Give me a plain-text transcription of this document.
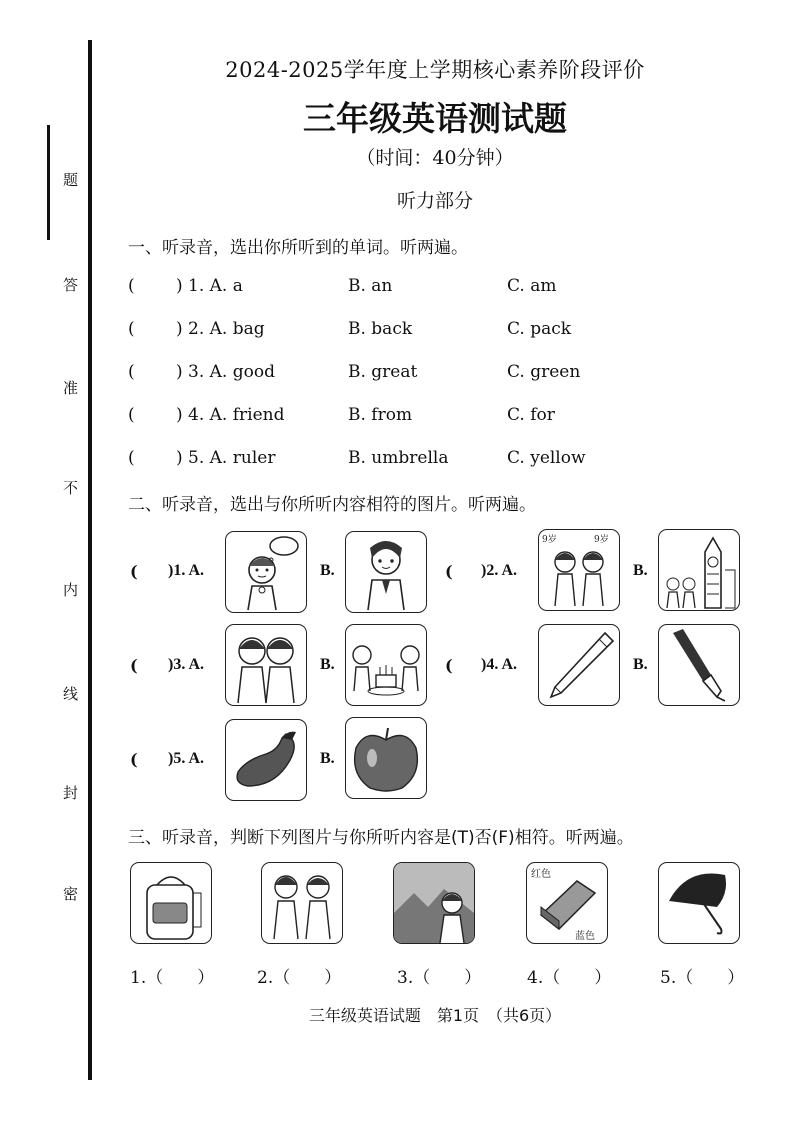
题
答
准
不
内
线
封
密
2024-2025学年度上学期核心素养阶段评价
三年级英语测试题
（时间：40分钟）
听力部分
一、听录音，选出你所听到的单词。听两遍。
( ) 1. A. a	B. an	C. am
( ) 2. A. bag	B. back	C. pack
( ) 3. A. good	B. great	C. green
( ) 4. A. friend	B. from	C. for
( ) 5. A. ruler	B. umbrella	C. yellow
二、听录音，选出与你所听内容相符的图片。听两遍。
( )1. A.	B.	( )2. A.
9岁	9岁
B.
( )3. A.	B.	( )4. A.	B.
( )5. A.	B.
三、听录音，判断下列图片与你所听内容是(T)否(F)相符。听两遍。
红色
蓝色
1.（　　）	2.（　　）	3.（　　）	4.（　　）	5.（　　）
三年级英语试题　第1页　（共6页）
